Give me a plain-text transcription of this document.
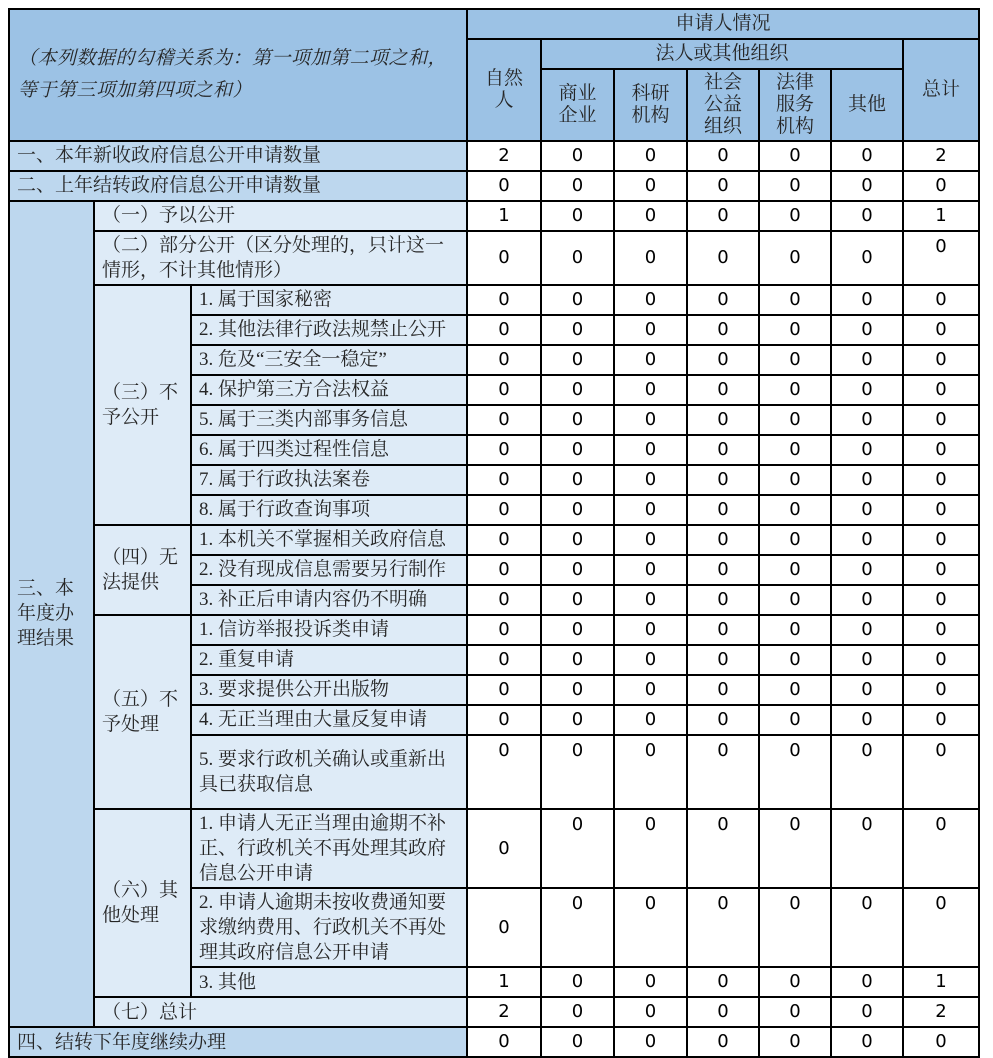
（本列数据的勾稽关系为：第一项加第二项之和，等于第三项加第四项之和）			申请人情况						
			自然人	法人或其他组织					总计
				商业企业	科研机构	社会公益组织	法律服务机构	其他	
一、本年新收政府信息公开申请数量			2	0	0	0	0	0	2
二、上年结转政府信息公开申请数量			0	0	0	0	0	0	0
三、本年度办理结果	（一）予以公开		1	0	0	0	0	0	1
	（二）部分公开（区分处理的，只计这一情形，不计其他情形）		0	0	0	0	0	0	0
	（三）不予公开	1. 属于国家秘密	0	0	0	0	0	0	0
		2. 其他法律行政法规禁止公开	0	0	0	0	0	0	0
		3. 危及“三安全一稳定”	0	0	0	0	0	0	0
		4. 保护第三方合法权益	0	0	0	0	0	0	0
		5. 属于三类内部事务信息	0	0	0	0	0	0	0
		6. 属于四类过程性信息	0	0	0	0	0	0	0
		7. 属于行政执法案卷	0	0	0	0	0	0	0
		8. 属于行政查询事项	0	0	0	0	0	0	0
	（四）无法提供	1. 本机关不掌握相关政府信息	0	0	0	0	0	0	0
		2. 没有现成信息需要另行制作	0	0	0	0	0	0	0
		3. 补正后申请内容仍不明确	0	0	0	0	0	0	0
	（五）不予处理	1. 信访举报投诉类申请	0	0	0	0	0	0	0
		2. 重复申请	0	0	0	0	0	0	0
		3. 要求提供公开出版物	0	0	0	0	0	0	0
		4. 无正当理由大量反复申请	0	0	0	0	0	0	0
		5. 要求行政机关确认或重新出具已获取信息	0	0	0	0	0	0	0
	（六）其他处理	1. 申请人无正当理由逾期不补正、行政机关不再处理其政府信息公开申请	0	0	0	0	0	0	0
		2. 申请人逾期未按收费通知要求缴纳费用、行政机关不再处理其政府信息公开申请	0	0	0	0	0	0	0
		3. 其他	1	0	0	0	0	0	1
	（七）总计		2	0	0	0	0	0	2
四、结转下年度继续办理			0	0	0	0	0	0	0
